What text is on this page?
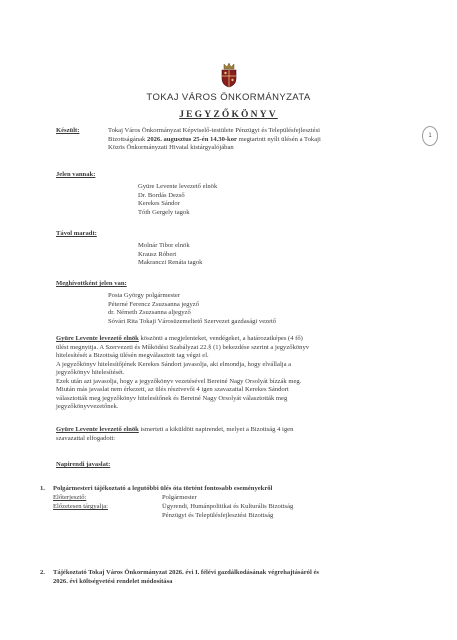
TOKAJ VÁROS ÖNKORMÁNYZATA
JEGYZŐKÖNYV
1
Készült:	Tokaj Város Önkormányzat Képviselő-testülete Pénzügyi és Településfejlesztési
Bizottságának 2026. augusztus 25-én 14.30-kor megtartott nyílt ülésén a Tokaji
Közös Önkormányzati Hivatal kistárgyalójában
Jelen vannak:
Gyüre Levente levezető elnök
Dr. Bordás Dezső
Kerekes Sándor
Tóth Gergely tagok
Távol maradt:
Molnár Tibor elnök
Krausz Róbert
Makranczi Renáta tagok
Meghívottként jelen van:
Posta György polgármester
Péterné Ferencz Zsuzsanna jegyző
dr. Németh Zsuzsanna aljegyző
Sóvári Rita Tokaji Városüzemeltető Szervezet gazdasági vezető
Gyüre Levente levezető elnök köszönti a megjelenteket, vendégeket, a határozatképes (4 fő)
ülést megnyitja. A Szervezeti és Működési Szabályzat 22.§ (1) bekezdése szerint a jegyzőkönyv
hitelesítését a Bizottság ülésén megválasztott tag végzi el.
A jegyzőkönyv hitelesítőjének Kerekes Sándort javasolja, aki elmondja, hogy elvállalja a
jegyzőkönyv hitelesítését.
Ezek után azt javasolja, hogy a jegyzőkönyv vezetésével Bereiné Nagy Orsolyát bízzák meg.
Miután más javaslat nem érkezett, az ülés résztvevői 4 igen szavazattal Kerekes Sándort
választották meg jegyzőkönyv hitelesítőnek és Bereiné Nagy Orsolyát választották meg
jegyzőkönyvvezetőnek.
Gyüre Levente levezető elnök ismerteti a kiküldött napirendet, melyet a Bizottság 4 igen
szavazattal elfogadott:
Napirendi javaslat:
1. Polgármesteri tájékoztató a legutóbbi ülés óta történt fontosabb eseményekről
Előterjesztő:	Polgármester
Előzetesen tárgyalja:	Ügyrendi, Humánpolitikai és Kulturális Bizottság
Pénzügyi és Településfejlesztési Bizottság
2. Tájékoztató Tokaj Város Önkormányzat 2026. évi I. félévi gazdálkodásának végrehajtásáról és
2026. évi költségvetési rendelet módosítása
